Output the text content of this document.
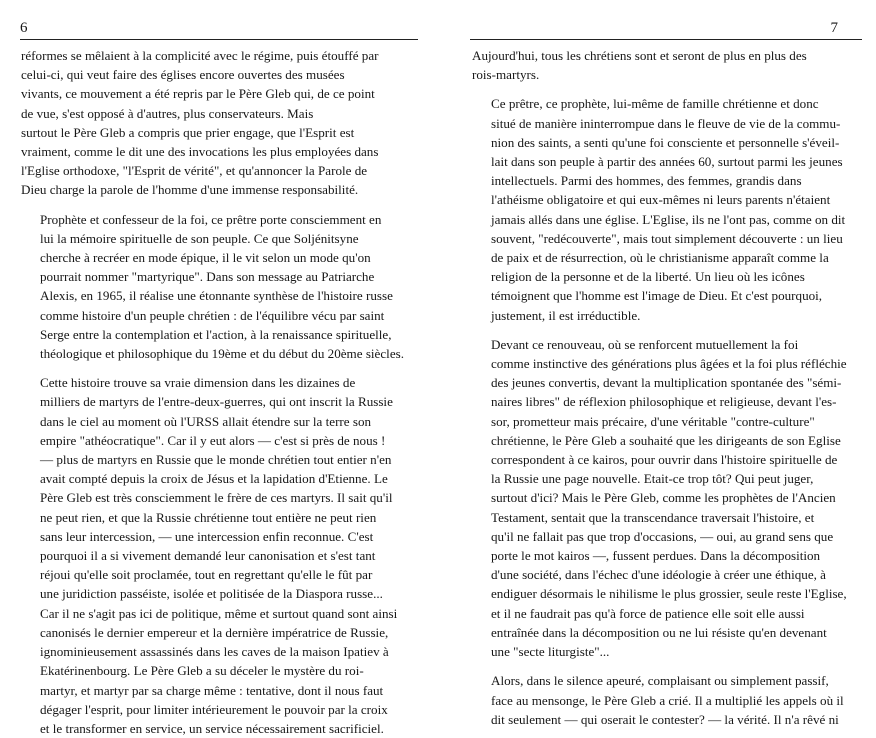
6

réformes se mêlaient à la complicité avec le régime, puis étouffé par
celui-ci, qui veut faire des églises encore ouvertes des musées
vivants, ce mouvement a été repris par le Père Gleb qui, de ce point
de vue, s'est opposé à d'autres, plus conservateurs. Mais
surtout le Père Gleb a compris que prier engage, que l'Esprit est
vraiment, comme le dit une des invocations les plus employées dans
l'Eglise orthodoxe, "l'Esprit de vérité", et qu'annoncer la Parole de
Dieu charge la parole de l'homme d'une immense responsabilité.

Prophète et confesseur de la foi, ce prêtre porte consciemment en
lui la mémoire spirituelle de son peuple. Ce que Soljénitsyne
cherche à recréer en mode épique, il le vit selon un mode qu'on
pourrait nommer "martyrique". Dans son message au Patriarche
Alexis, en 1965, il réalise une étonnante synthèse de l'histoire russe
comme histoire d'un peuple chrétien : de l'équilibre vécu par saint
Serge entre la contemplation et l'action, à la renaissance spirituelle,
théologique et philosophique du 19ème et du début du 20ème siècles.

Cette histoire trouve sa vraie dimension dans les dizaines de
milliers de martyrs de l'entre-deux-guerres, qui ont inscrit la Russie
dans le ciel au moment où l'URSS allait étendre sur la terre son
empire "athéocratique". Car il y eut alors — c'est si près de nous !
— plus de martyrs en Russie que le monde chrétien tout entier n'en
avait compté depuis la croix de Jésus et la lapidation d'Etienne. Le
Père Gleb est très consciemment le frère de ces martyrs. Il sait qu'il
ne peut rien, et que la Russie chrétienne tout entière ne peut rien
sans leur intercession, — une intercession enfin reconnue. C'est
pourquoi il a si vivement demandé leur canonisation et s'est tant
réjoui qu'elle soit proclamée, tout en regrettant qu'elle le fût par
une juridiction passéiste, isolée et politisée de la Diaspora russe...
Car il ne s'agit pas ici de politique, même et surtout quand sont ainsi
canonisés le dernier empereur et la dernière impératrice de Russie,
ignominieusement assassinés dans les caves de la maison Ipatiev à
Ekatérinenbourg. Le Père Gleb a su déceler le mystère du roi-
martyr, et martyr par sa charge même : tentative, dont il nous faut
dégager l'esprit, pour limiter intérieurement le pouvoir par la croix
et le transformer en service, un service nécessairement sacrificiel.

7

Aujourd'hui, tous les chrétiens sont et seront de plus en plus des
rois-martyrs.

Ce prêtre, ce prophète, lui-même de famille chrétienne et donc
situé de manière ininterrompue dans le fleuve de vie de la commu-
nion des saints, a senti qu'une foi consciente et personnelle s'éveil-
lait dans son peuple à partir des années 60, surtout parmi les jeunes
intellectuels. Parmi des hommes, des femmes, grandis dans
l'athéisme obligatoire et qui eux-mêmes ni leurs parents n'étaient
jamais allés dans une église. L'Eglise, ils ne l'ont pas, comme on dit
souvent, "redécouverte", mais tout simplement découverte : un lieu
de paix et de résurrection, où le christianisme apparaît comme la
religion de la personne et de la liberté. Un lieu où les icônes
témoignent que l'homme est l'image de Dieu. Et c'est pourquoi,
justement, il est irréductible.

Devant ce renouveau, où se renforcent mutuellement la foi
comme instinctive des générations plus âgées et la foi plus réfléchie
des jeunes convertis, devant la multiplication spontanée des "sémi-
naires libres" de réflexion philosophique et religieuse, devant l'es-
sor, prometteur mais précaire, d'une véritable "contre-culture"
chrétienne, le Père Gleb a souhaité que les dirigeants de son Eglise
correspondent à ce kairos, pour ouvrir dans l'histoire spirituelle de
la Russie une page nouvelle. Etait-ce trop tôt? Qui peut juger,
surtout d'ici? Mais le Père Gleb, comme les prophètes de l'Ancien
Testament, sentait que la transcendance traversait l'histoire, et
qu'il ne fallait pas que trop d'occasions, — oui, au grand sens que
porte le mot kairos —, fussent perdues. Dans la décomposition
d'une société, dans l'échec d'une idéologie à créer une éthique, à
endiguer désormais le nihilisme le plus grossier, seule reste l'Eglise,
et il ne faudrait pas qu'à force de patience elle soit elle aussi
entraînée dans la décomposition ou ne lui résiste qu'en devenant
une "secte liturgiste"...

Alors, dans le silence apeuré, complaisant ou simplement passif,
face au mensonge, le Père Gleb a crié. Il a multiplié les appels où il
dit seulement — qui oserait le contester? — la vérité. Il n'a rêvé ni
